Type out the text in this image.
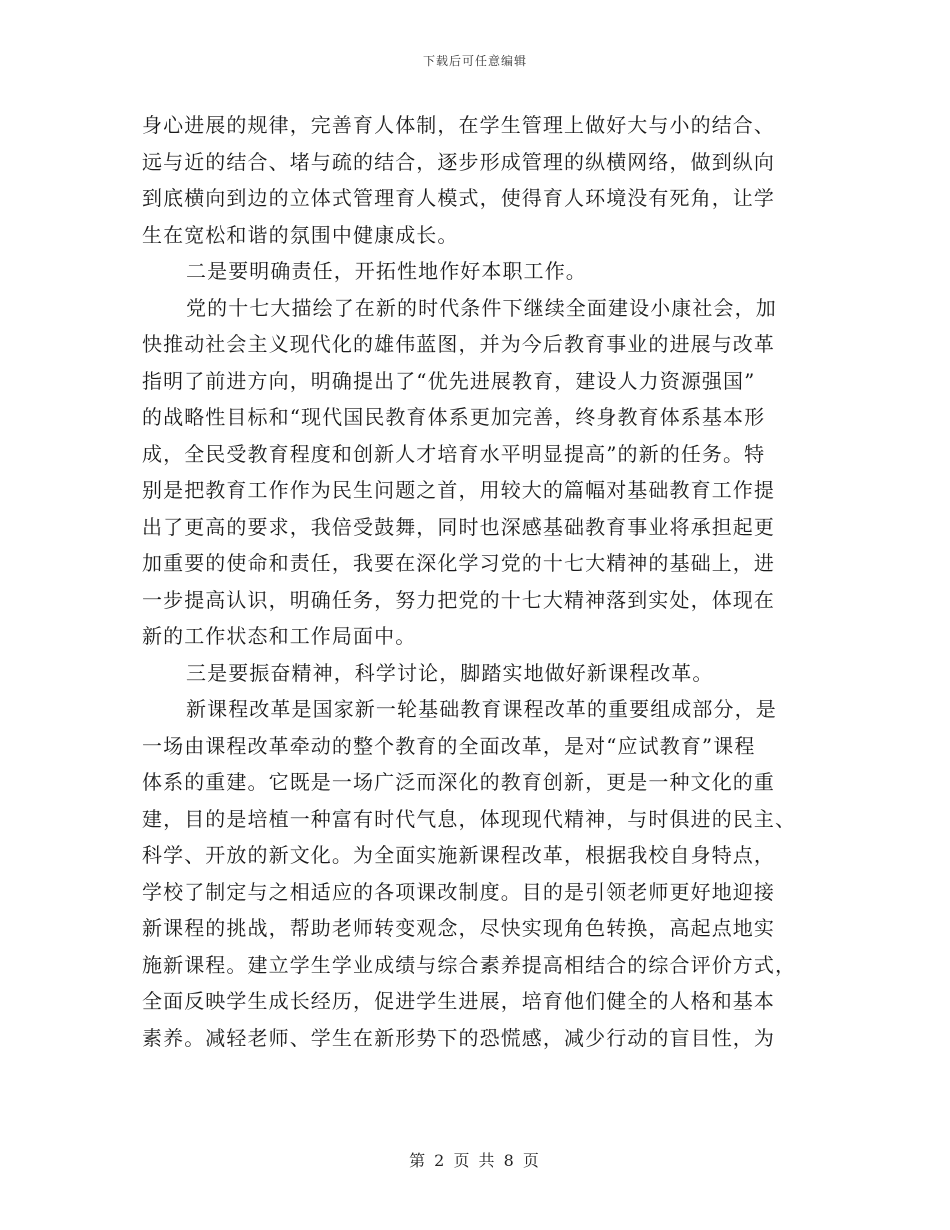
下载后可任意编辑
身心进展的规律，完善育人体制，在学生管理上做好大与小的结合、
远与近的结合、堵与疏的结合，逐步形成管理的纵横网络，做到纵向
到底横向到边的立体式管理育人模式，使得育人环境没有死角，让学
生在宽松和谐的氛围中健康成长。
二是要明确责任，开拓性地作好本职工作。
党的十七大描绘了在新的时代条件下继续全面建设小康社会，加
快推动社会主义现代化的雄伟蓝图，并为今后教育事业的进展与改革
指明了前进方向，明确提出了“优先进展教育，建设人力资源强国”
的战略性目标和“现代国民教育体系更加完善，终身教育体系基本形
成，全民受教育程度和创新人才培育水平明显提高”的新的任务。特
别是把教育工作作为民生问题之首，用较大的篇幅对基础教育工作提
出了更高的要求，我倍受鼓舞，同时也深感基础教育事业将承担起更
加重要的使命和责任，我要在深化学习党的十七大精神的基础上，进
一步提高认识，明确任务，努力把党的十七大精神落到实处，体现在
新的工作状态和工作局面中。
三是要振奋精神，科学讨论，脚踏实地做好新课程改革。
新课程改革是国家新一轮基础教育课程改革的重要组成部分，是
一场由课程改革牵动的整个教育的全面改革，是对“应试教育”课程
体系的重建。它既是一场广泛而深化的教育创新，更是一种文化的重
建，目的是培植一种富有时代气息，体现现代精神，与时俱进的民主、
科学、开放的新文化。为全面实施新课程改革，根据我校自身特点，
学校了制定与之相适应的各项课改制度。目的是引领老师更好地迎接
新课程的挑战，帮助老师转变观念，尽快实现角色转换，高起点地实
施新课程。建立学生学业成绩与综合素养提高相结合的综合评价方式，
全面反映学生成长经历，促进学生进展，培育他们健全的人格和基本
素养。减轻老师、学生在新形势下的恐慌感，减少行动的盲目性，为
第 2 页 共 8 页
